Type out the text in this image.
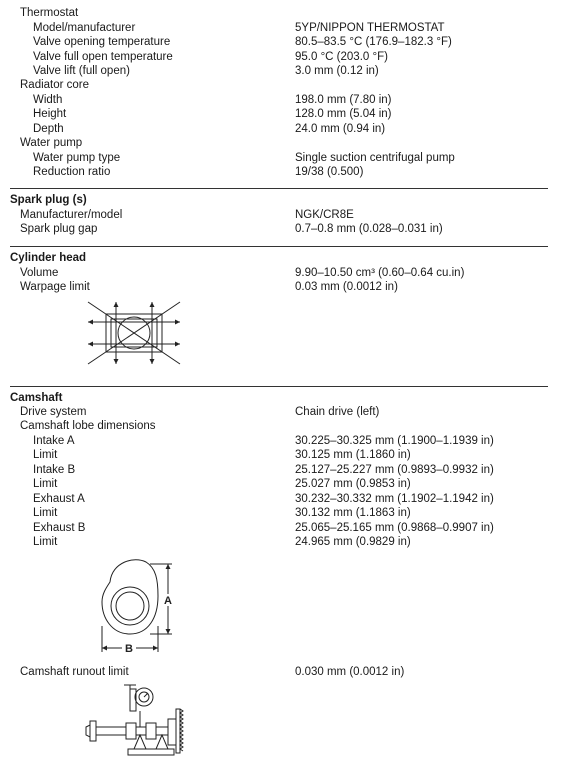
Thermostat
Model/manufacturer	5YP/NIPPON THERMOSTAT
Valve opening temperature	80.5–83.5 °C (176.9–182.3 °F)
Valve full open temperature	95.0 °C (203.0 °F)
Valve lift (full open)	3.0 mm (0.12 in)
Radiator core
Width	198.0 mm (7.80 in)
Height	128.0 mm (5.04 in)
Depth	24.0 mm (0.94 in)
Water pump
Water pump type	Single suction centrifugal pump
Reduction ratio	19/38 (0.500)
Spark plug (s)
Manufacturer/model	NGK/CR8E
Spark plug gap	0.7–0.8 mm (0.028–0.031 in)
Cylinder head
Volume	9.90–10.50 cm³ (0.60–0.64 cu.in)
Warpage limit	0.03 mm (0.0012 in)
Camshaft
Drive system	Chain drive (left)
Camshaft lobe dimensions
Intake A	30.225–30.325 mm (1.1900–1.1939 in)
Limit	30.125 mm (1.1860 in)
Intake B	25.127–25.227 mm (0.9893–0.9932 in)
Limit	25.027 mm (0.9853 in)
Exhaust A	30.232–30.332 mm (1.1902–1.1942 in)
Limit	30.132 mm (1.1863 in)
Exhaust B	25.065–25.165 mm (0.9868–0.9907 in)
Limit	24.965 mm (0.9829 in)
A
B
Camshaft runout limit	0.030 mm (0.0012 in)
